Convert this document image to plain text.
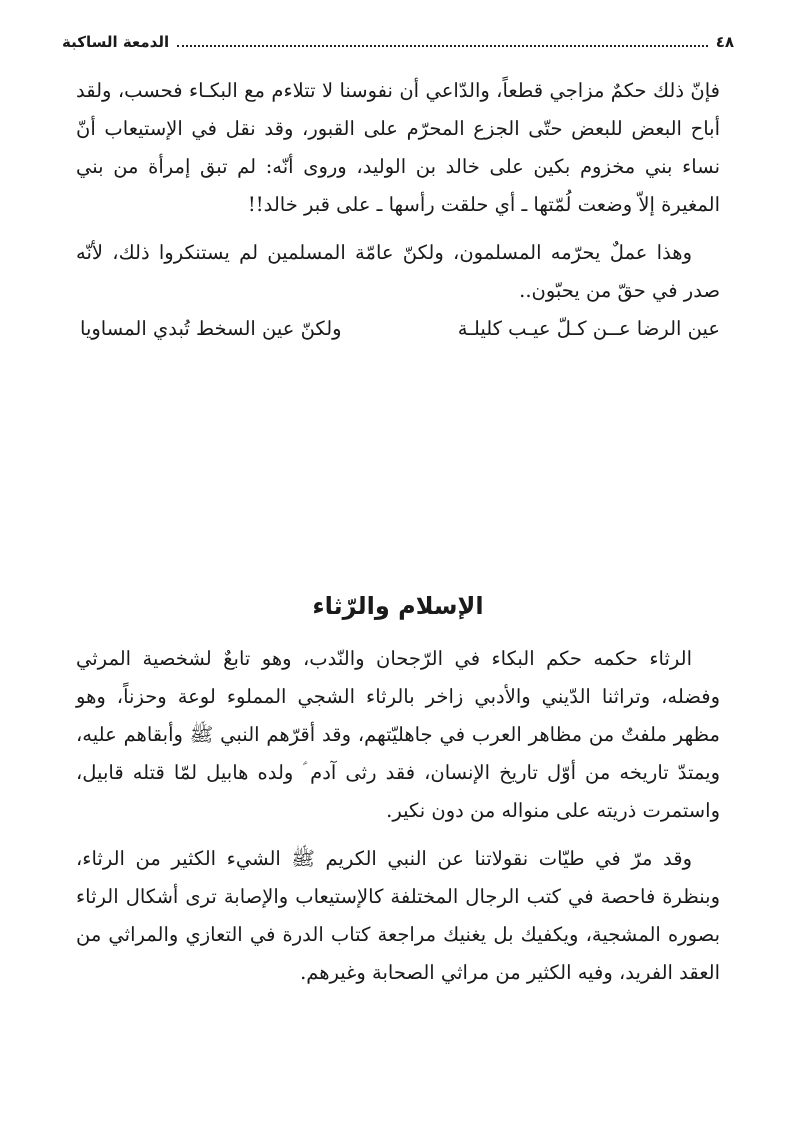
٤٨
الدمعة الساكبة

فإنّ ذلك حكمٌ مزاجي قطعاً، والدّاعي أن نفوسنا لا تتلاءم مع البكـاء فحسب، ولقد أباح البعض للبعض حتّى الجزع المحرّم على القبور، وقد نقل في الإستيعاب أنّ نساء بني مخزوم بكين على خالد بن الوليد، وروى أنّه: لم تبق إمرأة من بني المغيرة إلاّ وضعت لُمّتها ـ أي حلقت رأسها ـ على قبر خالد!!

وهذا عملٌ يحرّمه المسلمون، ولكنّ عامّة المسلمين لم يستنكروا ذلك، لأنّه صدر في حقّ من يحبّون..

عين الرضا عــن كـلّ عيـب كليلـة
ولكنّ عين السخط تُبدي المساويا
الإسلام والرّثاء

الرثاء حكمه حكم البكاء في الرّجحان والنّدب، وهو تابعٌ لشخصية المرثي وفضله، وتراثنا الدّيني والأدبي زاخر بالرثاء الشجي المملوء لوعة وحزناً، وهو مظهر ملفتٌ من مظاهر العرب في جاهليّتهم، وقد أقرّهم النبي ﷺ وأبقاهم عليه، ويمتدّ تاريخه من أوّل تاريخ الإنسان، فقد رثى آدم ؑ ولده هابيل لمّا قتله قابيل، واستمرت ذريته على منواله من دون نكير.

وقد مرّ في طيّات نقولاتنا عن النبي الكريم ﷺ الشيء الكثير من الرثاء، وبنظرة فاحصة في كتب الرجال المختلفة كالإستيعاب والإصابة ترى أشكال الرثاء بصوره المشجية، ويكفيك بل يغنيك مراجعة كتاب الدرة في التعازي والمراثي من العقد الفريد، وفيه الكثير من مراثي الصحابة وغيرهم.
